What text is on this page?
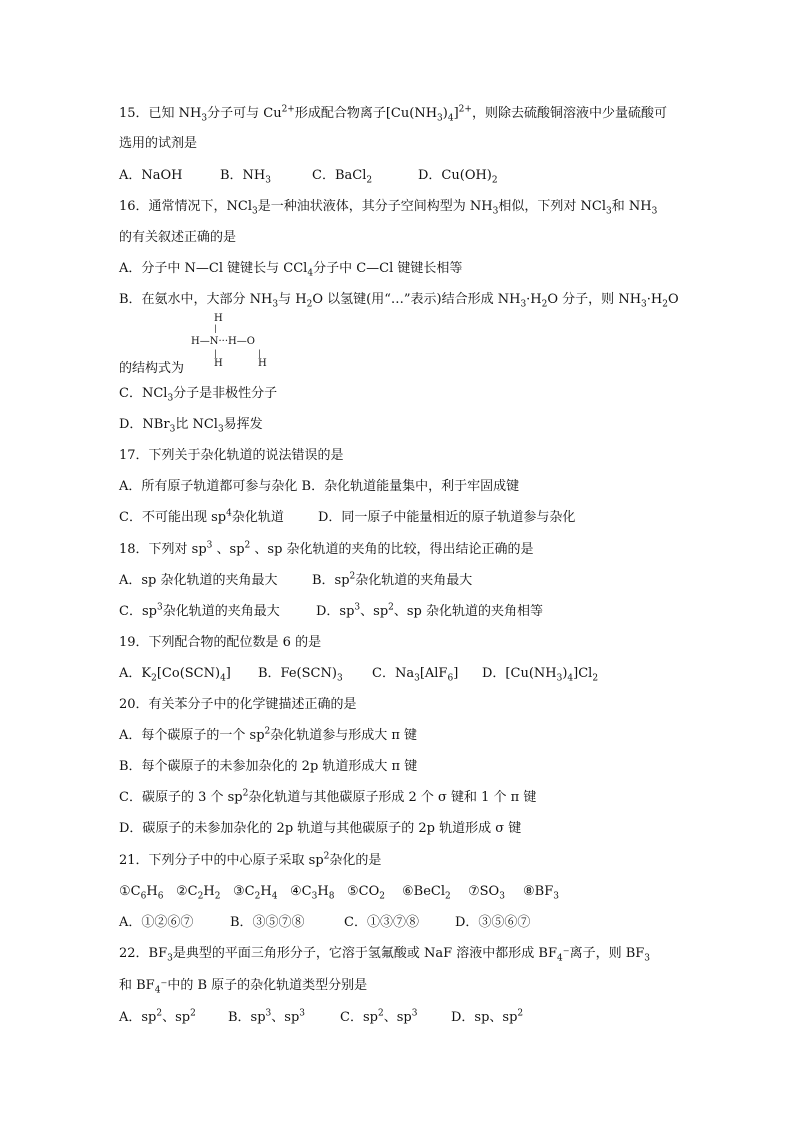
15．已知 $NH_3$分子可与 $Cu^{2+}$形成配合物离子$[Cu(NH_3)_4]^{2+}$，则除去硫酸铜溶液中少量硫酸可
选用的试剂是
A．NaOH	B．$NH_3$	C．BaCl$_2$	D．$Cu(OH)_2$
16．通常情况下，NCl$_3$是一种油状液体，其分子空间构型为 $NH_3$相似，下列对 NCl$_3$和 $NH_3$
的有关叙述正确的是
A．分子中 N—Cl 键键长与 CCl$_4$分子中 C—Cl 键键长相等
B．在氨水中，大部分 $NH_3$与 $H_2O$ 以氢键(用“…”表示)结合形成 $NH_3\cdot H_2O$ 分子，则 $NH_3\cdot H_2O$
H
|
H—N···H—O
|
H
|
H
的结构式为
C．NCl$_3$分子是非极性分子
D．NBr$_3$比 NCl$_3$易挥发
17．下列关于杂化轨道的说法错误的是
A．所有原子轨道都可参与杂化 B．杂化轨道能量集中，利于牢固成键
C．不可能出现 $sp^4$杂化轨道	D．同一原子中能量相近的原子轨道参与杂化
18．下列对 $sp^3$ 、$sp^2$ 、sp 杂化轨道的夹角的比较，得出结论正确的是
A．sp 杂化轨道的夹角最大	B．$sp^2$杂化轨道的夹角最大
C．$sp^3$杂化轨道的夹角最大	D．$sp^3$、$sp^2$、sp 杂化轨道的夹角相等
19．下列配合物的配位数是 6 的是
A．$K_2[Co(SCN)_4]$ B．$Fe(SCN)_3$ C．$Na_3[AlF_6]$ D．$[Cu(NH_3)_4]Cl_2$
20．有关苯分子中的化学键描述正确的是
A．每个碳原子的一个 $sp^2$杂化轨道参与形成大 π 键
B．每个碳原子的未参加杂化的 2p 轨道形成大 π 键
C．碳原子的 3 个 $sp^2$杂化轨道与其他碳原子形成 2 个 σ 键和 1 个 π 键
D．碳原子的未参加杂化的 2p 轨道与其他碳原子的 2p 轨道形成 σ 键
21．下列分子中的中心原子采取 $sp^2$杂化的是
$①C_6H_6$ $②C_2H_2$ $③C_2H_4$ $④C_3H_8$ $⑤CO_2$ ⑥BeCl$_2$ $⑦SO_3$ $⑧BF_3$
A．①②⑥⑦	B．③⑤⑦⑧	C．①③⑦⑧	D．③⑤⑥⑦
22．$BF_3$是典型的平面三角形分子，它溶于氢氟酸或 NaF 溶液中都形成 $BF_4^-$离子，则 $BF_3$
和 $BF_4^-$中的 B 原子的杂化轨道类型分别是
A．$sp^2$、$sp^2$ B．$sp^3$、$sp^3$	C．$sp^2$、$sp^3$	D．sp、$sp^2$
